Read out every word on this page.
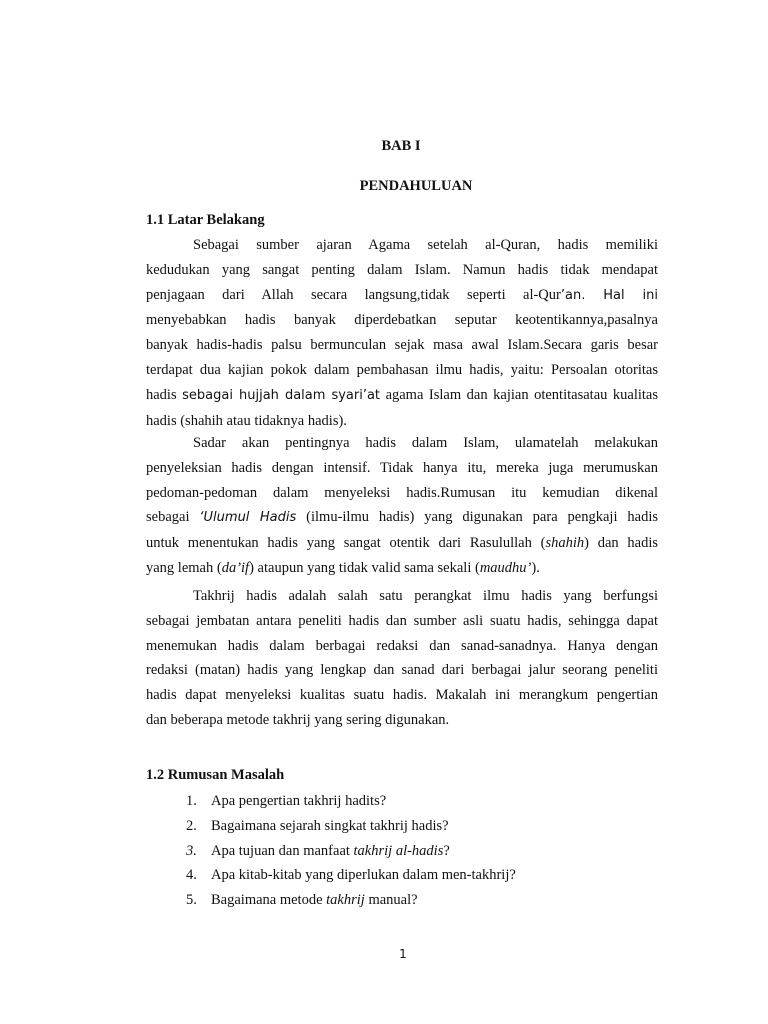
BAB I
PENDAHULUAN
1.1 Latar Belakang

Sebagai sumber ajaran Agama setelah al-Quran, hadis memiliki
kedudukan yang sangat penting dalam Islam. Namun hadis tidak mendapat
penjagaan dari Allah secara langsung,tidak seperti al-Qur’an. Hal ini
menyebabkan hadis banyak diperdebatkan seputar keotentikannya,pasalnya
banyak hadis-hadis palsu bermunculan sejak masa awal Islam.Secara garis besar
terdapat dua kajian pokok dalam pembahasan ilmu hadis, yaitu: Persoalan otoritas
hadis sebagai hujjah dalam syari’at agama Islam dan kajian otentitasatau kualitas
hadis (shahih atau tidaknya hadis).

Sadar akan pentingnya hadis dalam Islam, ulamatelah melakukan
penyeleksian hadis dengan intensif. Tidak hanya itu, mereka juga merumuskan
pedoman-pedoman dalam menyeleksi hadis.Rumusan itu kemudian dikenal
sebagai ‘Ulumul Hadis (ilmu-ilmu hadis) yang digunakan para pengkaji hadis
untuk menentukan hadis yang sangat otentik dari Rasulullah (shahih) dan hadis
yang lemah (da’if) ataupun yang tidak valid sama sekali (maudhu’).

Takhrij hadis adalah salah satu perangkat ilmu hadis yang berfungsi
sebagai jembatan antara peneliti hadis dan sumber asli suatu hadis, sehingga dapat
menemukan hadis dalam berbagai redaksi dan sanad-sanadnya. Hanya dengan
redaksi (matan) hadis yang lengkap dan sanad dari berbagai jalur seorang peneliti
hadis dapat menyeleksi kualitas suatu hadis. Makalah ini merangkum pengertian
dan beberapa metode takhrij yang sering digunakan.

1.2 Rumusan Masalah
1. Apa pengertian takhrij hadits?
2. Bagaimana sejarah singkat takhrij hadis?
3. Apa tujuan dan manfaat takhrij al-hadis?
4. Apa kitab-kitab yang diperlukan dalam men-takhrij?
5. Bagaimana metode takhrij manual?
1
